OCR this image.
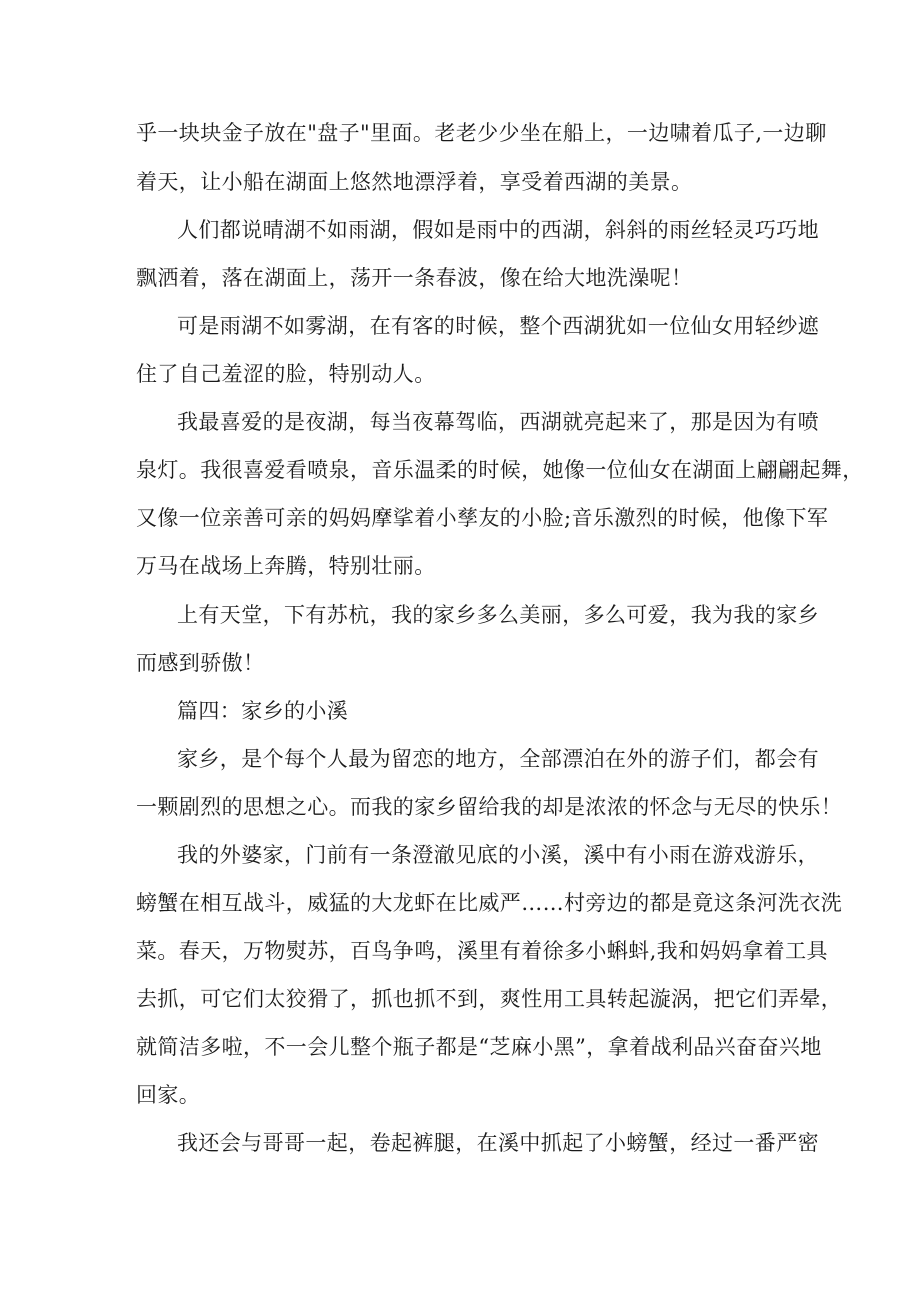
乎一块块金子放在"盘子"里面。老老少少坐在船上，一边啸着瓜子,一边聊
着天，让小船在湖面上悠然地漂浮着，享受着西湖的美景。
人们都说晴湖不如雨湖，假如是雨中的西湖，斜斜的雨丝轻灵巧巧地
飘洒着，落在湖面上，荡开一条春波，像在给大地洗澡呢！
可是雨湖不如雾湖，在有客的时候，整个西湖犹如一位仙女用轻纱遮
住了自己羞涩的脸，特别动人。
我最喜爱的是夜湖，每当夜幕驾临，西湖就亮起来了，那是因为有喷
泉灯。我很喜爱看喷泉，音乐温柔的时候，她像一位仙女在湖面上翩翩起舞，
又像一位亲善可亲的妈妈摩挲着小孳友的小脸;音乐激烈的时候，他像下军
万马在战场上奔腾，特别壮丽。
上有天堂，下有苏杭，我的家乡多么美丽，多么可爱，我为我的家乡
而感到骄傲！
篇四：家乡的小溪
家乡，是个每个人最为留恋的地方，全部漂泊在外的游子们，都会有
一颗剧烈的思想之心。而我的家乡留给我的却是浓浓的怀念与无尽的快乐！
我的外婆家，门前有一条澄澈见底的小溪，溪中有小雨在游戏游乐，
螃蟹在相互战斗，威猛的大龙虾在比威严……村旁边的都是竟这条河洗衣洗
菜。春天，万物熨苏，百鸟争鸣，溪里有着徐多小蝌蚪,我和妈妈拿着工具
去抓，可它们太狡猾了，抓也抓不到，爽性用工具转起漩涡，把它们弄晕，
就简洁多啦，不一会儿整个瓶子都是“芝麻小黑”，拿着战利品兴奋奋兴地
回家。
我还会与哥哥一起，卷起裤腿，在溪中抓起了小螃蟹，经过一番严密
